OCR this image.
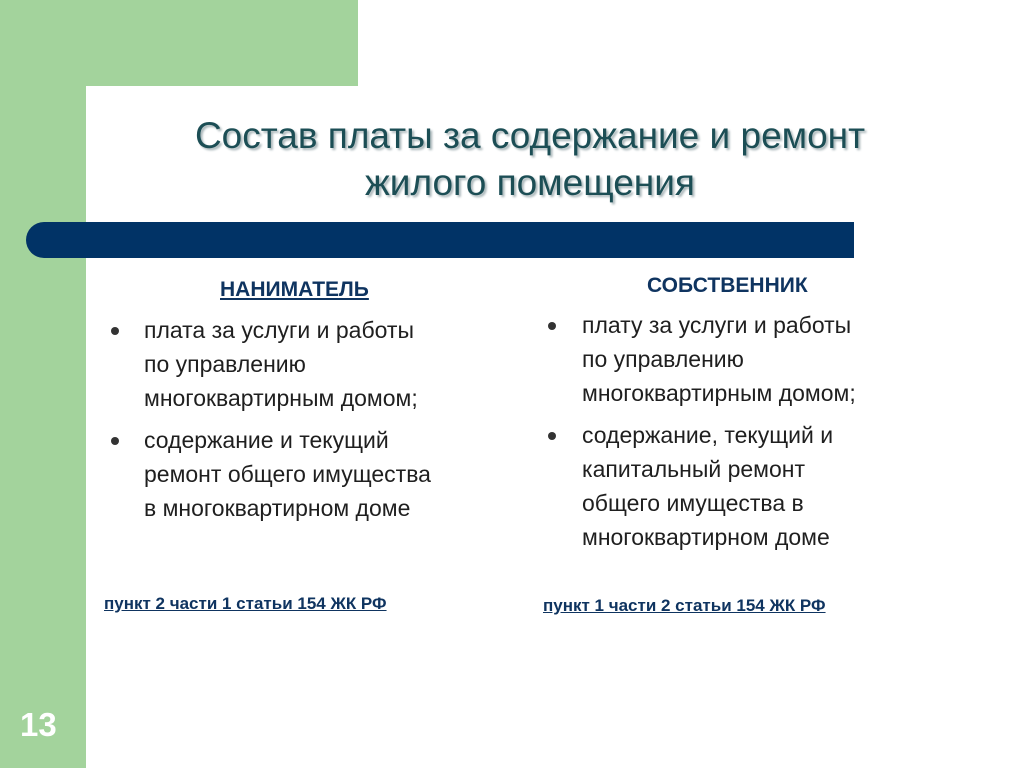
13
Состав платы за содержание и ремонт
жилого помещения
НАНИМАТЕЛЬ
плата за услуги и работы
по управлению
многоквартирным домом;
содержание и текущий
ремонт общего имущества
в многоквартирном доме
пункт 2 части 1 статьи 154 ЖК РФ
СОБСТВЕННИК
плату за услуги и работы
по управлению
многоквартирным домом;
содержание, текущий и
капитальный ремонт
общего имущества в
многоквартирном доме
пункт 1 части 2 статьи 154 ЖК РФ
